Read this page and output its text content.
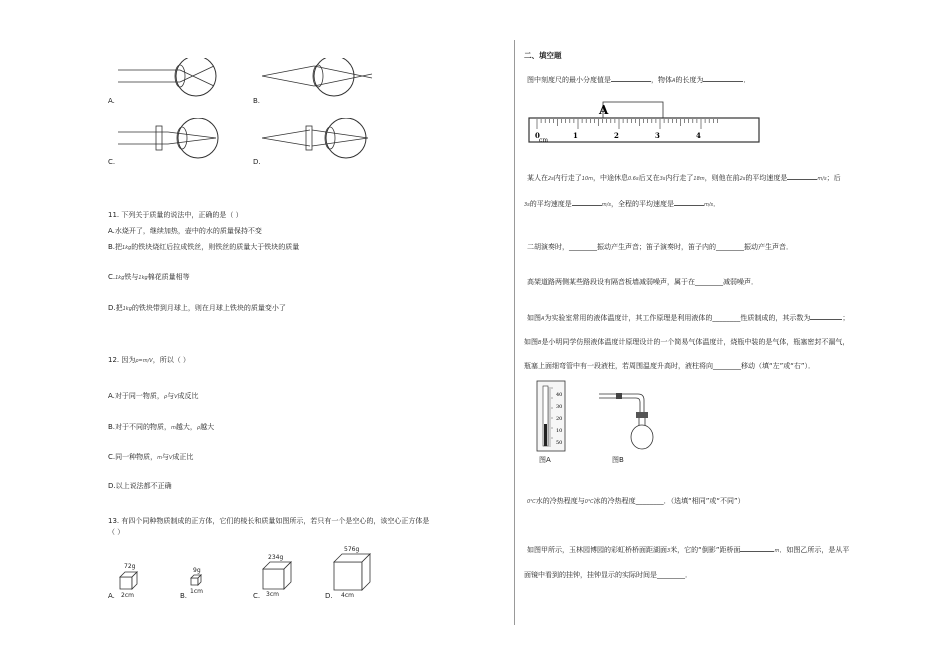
A.	B.
C.	D.
11. 下列关于质量的说法中，正确的是（ ）
A.水烧开了，继续加热，壶中的水的质量保持不变
B.把1kg的铁块烧红后拉成铁丝，则铁丝的质量大于铁块的质量
C.1kg铁与1kg棉花质量相等
D.把1kg的铁块带到月球上，则在月球上铁块的质量变小了
12. 因为ρ=m/V，所以（ ）
A.对于同一物质，ρ与V成反比
B.对于不同的物质，m越大，ρ越大
C.同一种物质，m与V成正比
D.以上说法都不正确
13. 有四个同种物质制成的正方体，它们的棱长和质量如图所示，若只有一个是空心的，该空心正方体是
（ ）
A.
72g
2cm	B.
9g
1cm
C.
234g
3cm	D.
576g
4cm
二、填空题
图中刻度尺的最小分度值是	，物体A的长度为	．
A
0	1	2	3	4
cm
某人在2s内行走了10m，中途休息0.6s后又在3s内行走了18m，则他在前2s的平均速度是	m/s；后
3s的平均速度是	m/s，全程的平均速度是	m/s．
二胡演奏时，________振动产生声音；笛子演奏时，笛子内的________振动产生声音．
高架道路两侧某些路段设有隔音板墙减弱噪声，属于在________减弱噪声．
如图A为实验室常用的液体温度计，其工作原理是利用液体的________性质制成的，其示数为	；
如图B是小明同学仿照液体温度计原理设计的一个简易气体温度计，烧瓶中装的是气体，瓶塞密封不漏气，
瓶塞上面细弯管中有一段液柱，若周围温度升高时，液柱将向________移动（填“左”或“右”）．
40
30
20
10
50
图A	图B
0℃水的冷热程度与0℃冰的冷热程度________．（选填“相同”或“不同”）
如图甲所示，玉林园博园的彩虹桥桥面距湖面3米，它的“倒影”距桥面	m．如图乙所示，是从平
面镜中看到的挂钟，挂钟显示的实际时间是________．
